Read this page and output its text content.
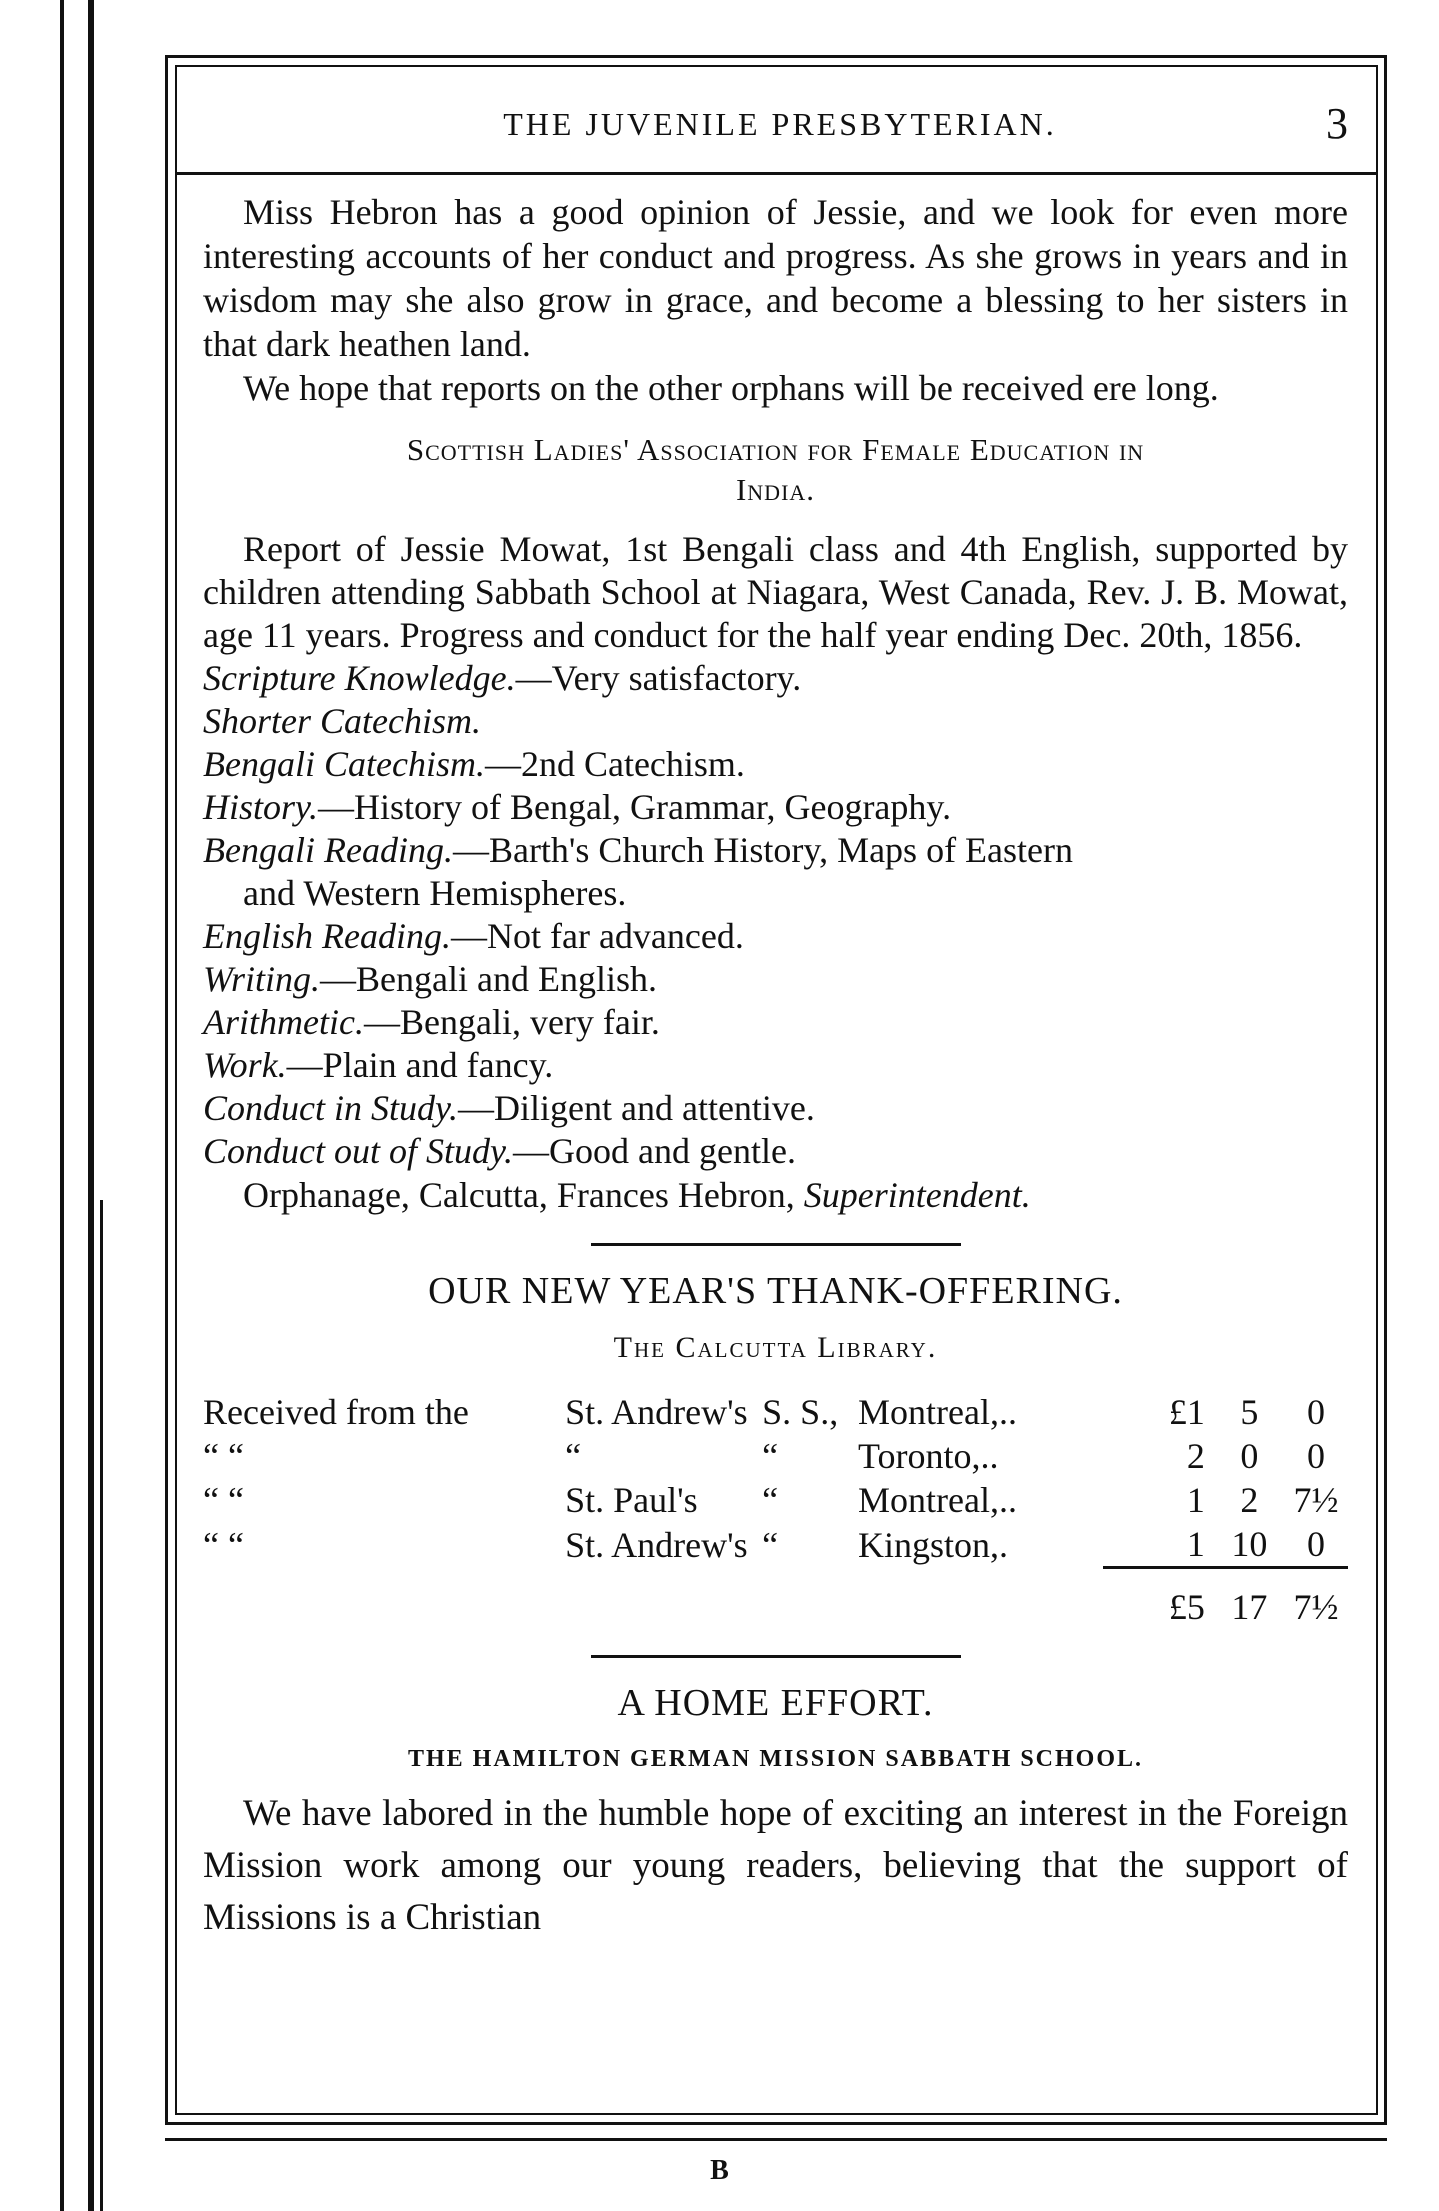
THE JUVENILE PRESBYTERIAN.	3

Miss Hebron has a good opinion of Jessie, and we look for even more interesting accounts of her conduct and progress. As she grows in years and in wisdom may she also grow in grace, and become a blessing to her sisters in that dark heathen land.

We hope that reports on the other orphans will be received ere long.

Scottish Ladies' Association for Female Education in
India.

Report of Jessie Mowat, 1st Bengali class and 4th English, supported by children attending Sabbath School at Niagara, West Canada, Rev. J. B. Mowat, age 11 years. Progress and conduct for the half year ending Dec. 20th, 1856.

Scripture Knowledge.—Very satisfactory.
Shorter Catechism.
Bengali Catechism.—2nd Catechism.
History.—History of Bengal, Grammar, Geography.
Bengali Reading.—Barth's Church History, Maps of Eastern
and Western Hemispheres.
English Reading.—Not far advanced.
Writing.—Bengali and English.
Arithmetic.—Bengali, very fair.
Work.—Plain and fancy.
Conduct in Study.—Diligent and attentive.
Conduct out of Study.—Good and gentle.
Orphanage, Calcutta, Frances Hebron, Superintendent.
OUR NEW YEAR'S THANK-OFFERING.
The Calcutta Library.
Received from the	St. Andrew's	S. S.,	Montreal,..	£1	5	0
“ “	“	“	Toronto,..	2	0	0
“ “	St. Paul's	“	Montreal,..	1	2	7½
“ “	St. Andrew's	“	Kingston,.	1	10	0

				£5	17	7½
A HOME EFFORT.
THE HAMILTON GERMAN MISSION SABBATH SCHOOL.

We have labored in the humble hope of exciting an interest in the Foreign Mission work among our young readers, believing that the support of Missions is a Christian

B
